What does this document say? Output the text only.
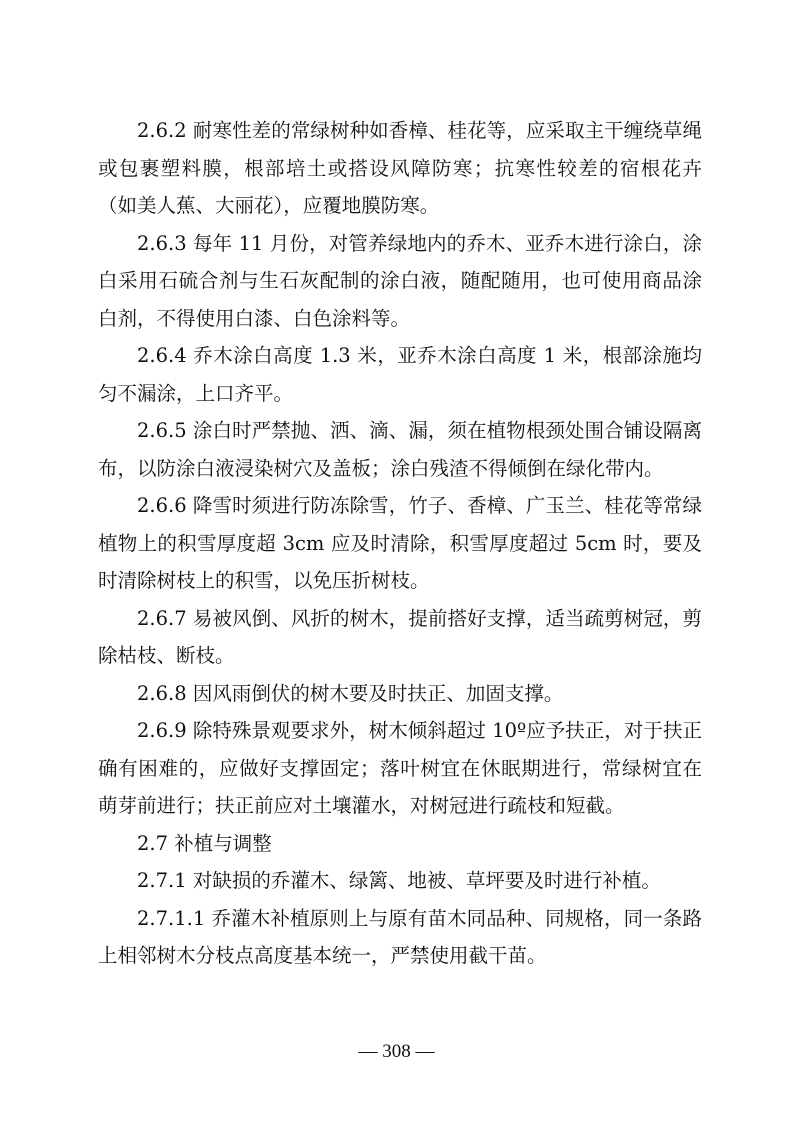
2.6.2 耐寒性差的常绿树种如香樟、桂花等，应采取主干缠绕草绳或包裹塑料膜，根部培土或搭设风障防寒；抗寒性较差的宿根花卉（如美人蕉、大丽花），应覆地膜防寒。

2.6.3 每年 11 月份，对管养绿地内的乔木、亚乔木进行涂白，涂白采用石硫合剂与生石灰配制的涂白液，随配随用，也可使用商品涂白剂，不得使用白漆、白色涂料等。

2.6.4 乔木涂白高度 1.3 米，亚乔木涂白高度 1 米，根部涂施均匀不漏涂，上口齐平。

2.6.5 涂白时严禁抛、洒、滴、漏，须在植物根颈处围合铺设隔离布，以防涂白液浸染树穴及盖板；涂白残渣不得倾倒在绿化带内。

2.6.6 降雪时须进行防冻除雪，竹子、香樟、广玉兰、桂花等常绿植物上的积雪厚度超 3cm 应及时清除，积雪厚度超过 5cm 时，要及时清除树枝上的积雪，以免压折树枝。

2.6.7 易被风倒、风折的树木，提前搭好支撑，适当疏剪树冠，剪除枯枝、断枝。

2.6.8 因风雨倒伏的树木要及时扶正、加固支撑。

2.6.9 除特殊景观要求外，树木倾斜超过 10º应予扶正，对于扶正确有困难的，应做好支撑固定；落叶树宜在休眠期进行，常绿树宜在萌芽前进行；扶正前应对土壤灌水，对树冠进行疏枝和短截。

2.7 补植与调整

2.7.1 对缺损的乔灌木、绿篱、地被、草坪要及时进行补植。

2.7.1.1 乔灌木补植原则上与原有苗木同品种、同规格，同一条路上相邻树木分枝点高度基本统一，严禁使用截干苗。

— 308 —
